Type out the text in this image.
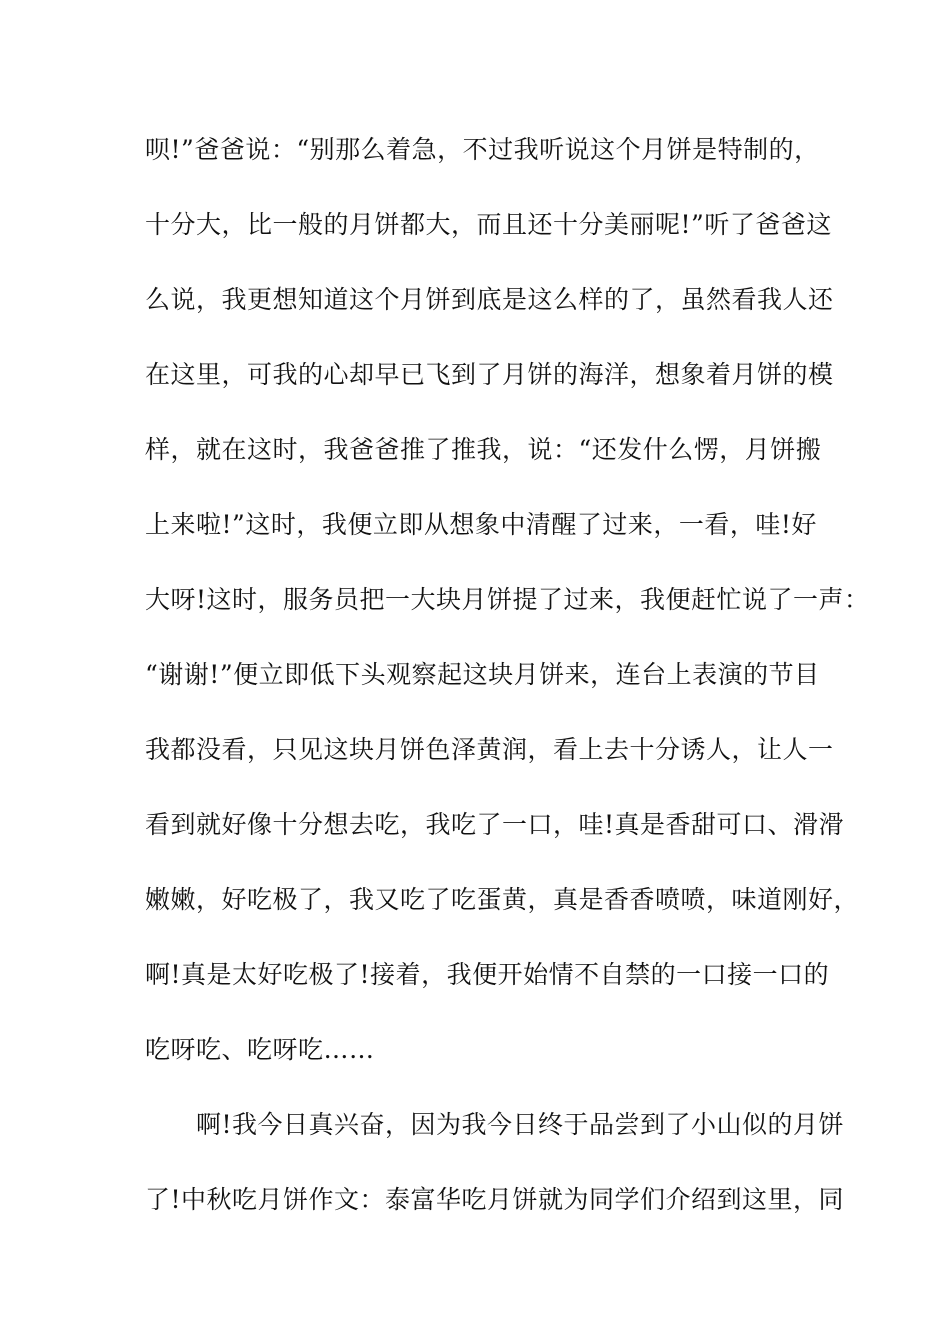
呗!”爸爸说：“别那么着急，不过我听说这个月饼是特制的，
十分大，比一般的月饼都大，而且还十分美丽呢!”听了爸爸这
么说，我更想知道这个月饼到底是这么样的了，虽然看我人还
在这里，可我的心却早已飞到了月饼的海洋，想象着月饼的模
样，就在这时，我爸爸推了推我，说：“还发什么愣，月饼搬
上来啦!”这时，我便立即从想象中清醒了过来，一看，哇!好
大呀!这时，服务员把一大块月饼提了过来，我便赶忙说了一声：
“谢谢!”便立即低下头观察起这块月饼来，连台上表演的节目
我都没看，只见这块月饼色泽黄润，看上去十分诱人，让人一
看到就好像十分想去吃，我吃了一口，哇!真是香甜可口、滑滑
嫩嫩，好吃极了，我又吃了吃蛋黄，真是香香喷喷，味道刚好，
啊!真是太好吃极了!接着，我便开始情不自禁的一口接一口的
吃呀吃、吃呀吃……
　　啊!我今日真兴奋，因为我今日终于品尝到了小山似的月饼
了!中秋吃月饼作文：泰富华吃月饼就为同学们介绍到这里，同
